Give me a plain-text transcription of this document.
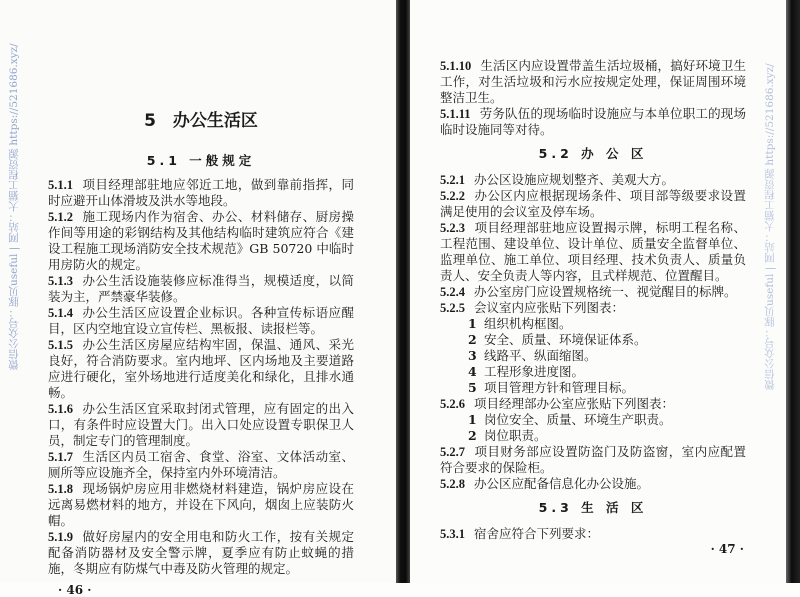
微信公众号：豚贝useful | 网站：大猫工程资源 https://521686.xyz/	微信公众号：豚贝useful | 网站：大猫工程资源 https://521686.xyz/
5　办公生活区
5.1 一般规定

5.1.1 项目经理部驻地应邻近工地，做到靠前指挥，同时应避开山体滑坡及洪水等地段。

5.1.2 施工现场内作为宿舍、办公、材料储存、厨房操作间等用途的彩钢结构及其他结构临时建筑应符合《建设工程施工现场消防安全技术规范》GB 50720 中临时用房防火的规定。

5.1.3 办公生活设施装修应标准得当，规模适度，以简装为主，严禁豪华装修。

5.1.4 办公生活区应设置企业标识。各种宣传标语应醒目，区内空地宜设立宣传栏、黑板报、读报栏等。

5.1.5 办公生活区房屋应结构牢固，保温、通风、采光良好，符合消防要求。室内地坪、区内场地及主要道路应进行硬化，室外场地进行适度美化和绿化，且排水通畅。

5.1.6 办公生活区宜采取封闭式管理，应有固定的出入口，有条件时应设置大门。出入口处应设置专职保卫人员，制定专门的管理制度。

5.1.7 生活区内员工宿舍、食堂、浴室、文体活动室、厕所等应设施齐全，保持室内外环境清洁。

5.1.8 现场锅炉房应用非燃烧材料建造，锅炉房应设在远离易燃材料的地方，并设在下风向，烟囱上应装防火帽。

5.1.9 做好房屋内的安全用电和防火工作，按有关规定配备消防器材及安全警示牌，夏季应有防止蚊蝇的措施，冬期应有防煤气中毒及防火管理的规定。

· 46 ·

5.1.10 生活区内应设置带盖生活垃圾桶，搞好环境卫生工作，对生活垃圾和污水应按规定处理，保证周围环境整洁卫生。

5.1.11 劳务队伍的现场临时设施应与本单位职工的现场临时设施同等对待。

5.2 办 公 区

5.2.1 办公区设施应规划整齐、美观大方。

5.2.2 办公区内应根据现场条件、项目部等级要求设置满足使用的会议室及停车场。

5.2.3 项目经理部驻地应设置揭示牌，标明工程名称、工程范围、建设单位、设计单位、质量安全监督单位、监理单位、施工单位、项目经理、技术负责人、质量负责人、安全负责人等内容，且式样规范、位置醒目。

5.2.4 办公室房门应设置规格统一、视觉醒目的标牌。

5.2.5 会议室内应张贴下列图表：

1 组织机构框图。
2 安全、质量、环境保证体系。
3 线路平、纵面缩图。
4 工程形象进度图。
5 项目管理方针和管理目标。

5.2.6 项目经理部办公室应张贴下列图表：

1 岗位安全、质量、环境生产职责。
2 岗位职责。

5.2.7 项目财务部应设置防盗门及防盗窗，室内应配置符合要求的保险柜。

5.2.8 办公区应配备信息化办公设施。

5.3 生 活 区

5.3.1 宿舍应符合下列要求：

· 47 ·
